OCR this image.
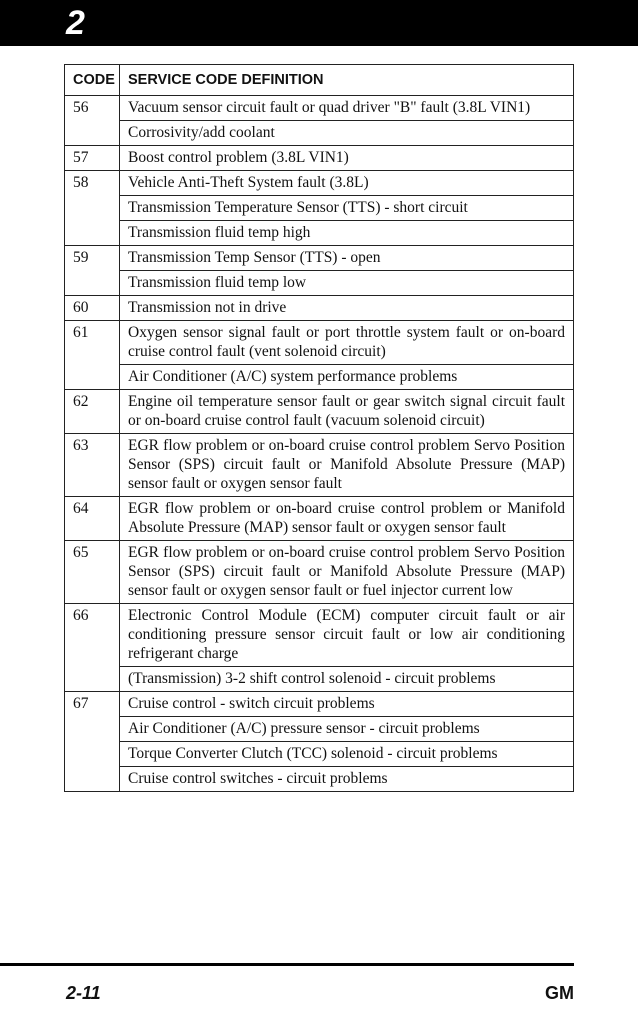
2
CODE	SERVICE CODE DEFINITION
56	Vacuum sensor circuit fault or quad driver "B" fault (3.8L VIN1)
	Corrosivity/add coolant
57	Boost control problem (3.8L VIN1)
58	Vehicle Anti-Theft System fault (3.8L)
	Transmission Temperature Sensor (TTS) - short circuit
	Transmission fluid temp high
59	Transmission Temp Sensor (TTS) - open
	Transmission fluid temp low
60	Transmission not in drive
61	Oxygen sensor signal fault or port throttle system fault or on-board cruise control fault (vent solenoid circuit)
	Air Conditioner (A/C) system performance problems
62	Engine oil temperature sensor fault or gear switch signal circuit fault or on-board cruise control fault (vacuum solenoid circuit)
63	EGR flow problem or on-board cruise control problem Servo Position Sensor (SPS) circuit fault or Manifold Absolute Pressure (MAP) sensor fault or oxygen sensor fault
64	EGR flow problem or on-board cruise control problem or Manifold Absolute Pressure (MAP) sensor fault or oxygen sensor fault
65	EGR flow problem or on-board cruise control problem Servo Position Sensor (SPS) circuit fault or Manifold Absolute Pressure (MAP) sensor fault or oxygen sensor fault or fuel injector current low
66	Electronic Control Module (ECM) computer circuit fault or air conditioning pressure sensor circuit fault or low air conditioning refrigerant charge
	(Transmission) 3-2 shift control solenoid - circuit problems
67	Cruise control - switch circuit problems
	Air Conditioner (A/C) pressure sensor - circuit problems
	Torque Converter Clutch (TCC) solenoid - circuit problems
	Cruise control switches - circuit problems
2-11	GM
